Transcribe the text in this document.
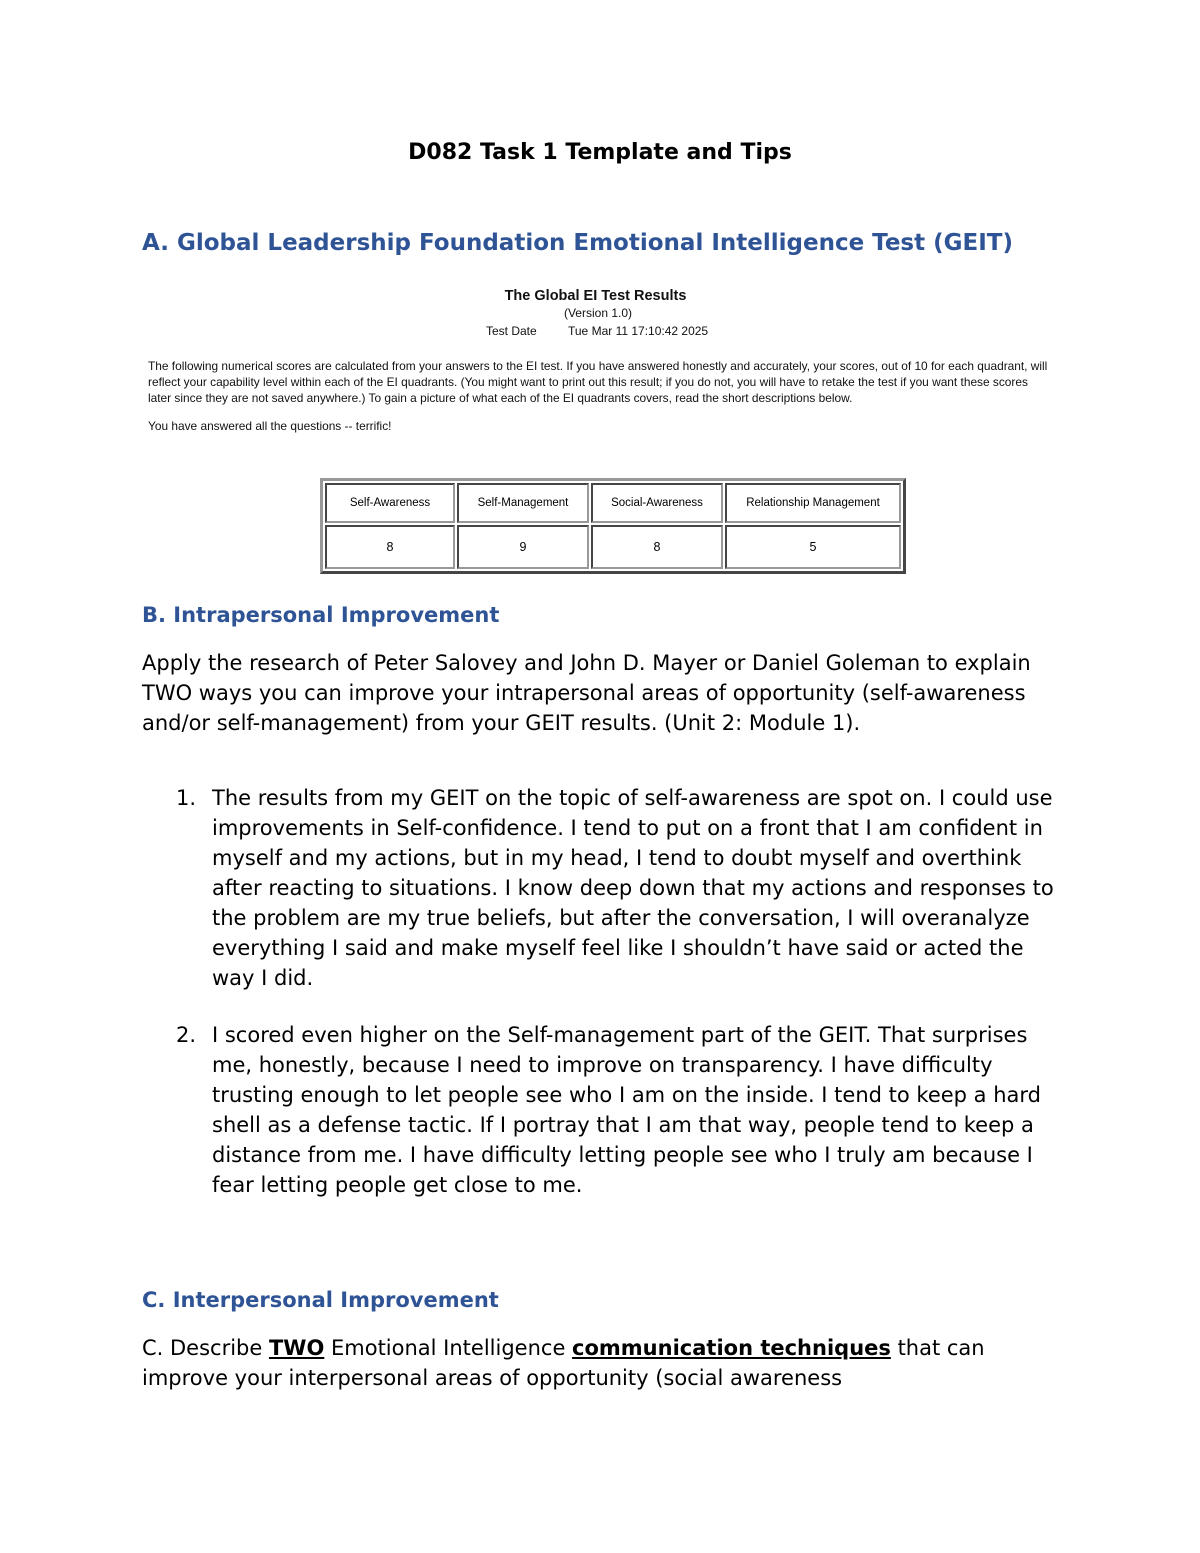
D082 Task 1 Template and Tips
A. Global Leadership Foundation Emotional Intelligence Test (GEIT)
The Global EI Test Results
(Version 1.0)
Test Date	Tue Mar 11 17:10:42 2025
The following numerical scores are calculated from your answers to the EI test. If you have answered honestly and accurately, your scores, out of 10 for each quadrant, will reflect your capability level within each of the EI quadrants. (You might want to print out this result; if you do not, you will have to retake the test if you want these scores later since they are not saved anywhere.) To gain a picture of what each of the EI quadrants covers, read the short descriptions below.
You have answered all the questions -- terrific!
Self-Awareness	Self-Management	Social-Awareness	Relationship Management
8	9	8	5
B. Intrapersonal Improvement
Apply the research of Peter Salovey and John D. Mayer or Daniel Goleman to explain TWO ways you can improve your intrapersonal areas of opportunity (self-awareness and/or self-management) from your GEIT results. (Unit 2: Module 1).
1. The results from my GEIT on the topic of self-awareness are spot on. I could use improvements in Self-confidence. I tend to put on a front that I am confident in myself and my actions, but in my head, I tend to doubt myself and overthink after reacting to situations. I know deep down that my actions and responses to the problem are my true beliefs, but after the conversation, I will overanalyze everything I said and make myself feel like I shouldn’t have said or acted the way I did.
2. I scored even higher on the Self-management part of the GEIT. That surprises me, honestly, because I need to improve on transparency. I have difficulty trusting enough to let people see who I am on the inside. I tend to keep a hard shell as a defense tactic. If I portray that I am that way, people tend to keep a distance from me. I have difficulty letting people see who I truly am because I fear letting people get close to me.
C. Interpersonal Improvement
C. Describe TWO Emotional Intelligence communication techniques that can improve your interpersonal areas of opportunity (social awareness
